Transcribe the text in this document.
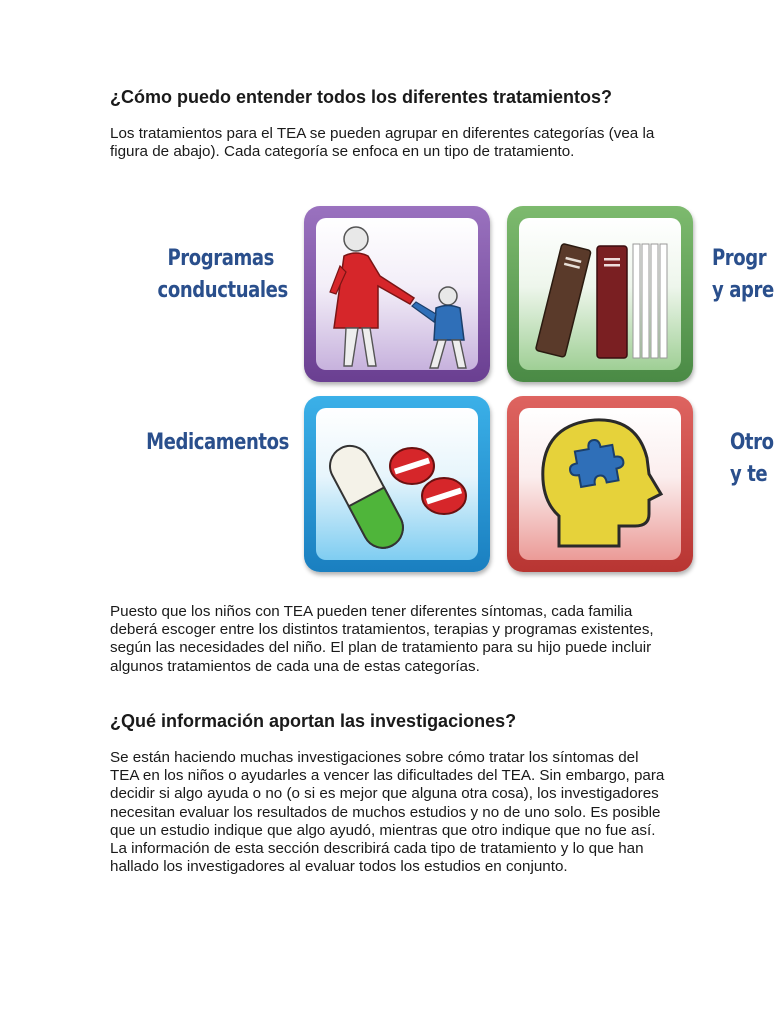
¿Cómo puedo entender todos los diferentes tratamientos?

Los tratamientos para el TEA se pueden agrupar en diferentes categorías (vea la figura de abajo). Cada categoría se enfoca en un tipo de tratamiento.

Puesto que los niños con TEA pueden tener diferentes síntomas, cada familia deberá escoger entre los distintos tratamientos, terapias y programas existentes, según las necesidades del niño. El plan de tratamiento para su hijo puede incluir algunos tratamientos de cada una de estas categorías.

¿Qué información aportan las investigaciones?

Se están haciendo muchas investigaciones sobre cómo tratar los síntomas del TEA en los niños o ayudarles a vencer las dificultades del TEA. Sin embargo, para decidir si algo ayuda o no (o si es mejor que alguna otra cosa), los investigadores necesitan evaluar los resultados de muchos estudios y no de uno solo. Es posible que un estudio indique que algo ayudó, mientras que otro indique que no fue así. La información de esta sección describirá cada tipo de tratamiento y lo que han hallado los investigadores al evaluar todos los estudios en conjunto.

Programas
conductuales
Progr
y apre
Medicamentos	Otro
y te
